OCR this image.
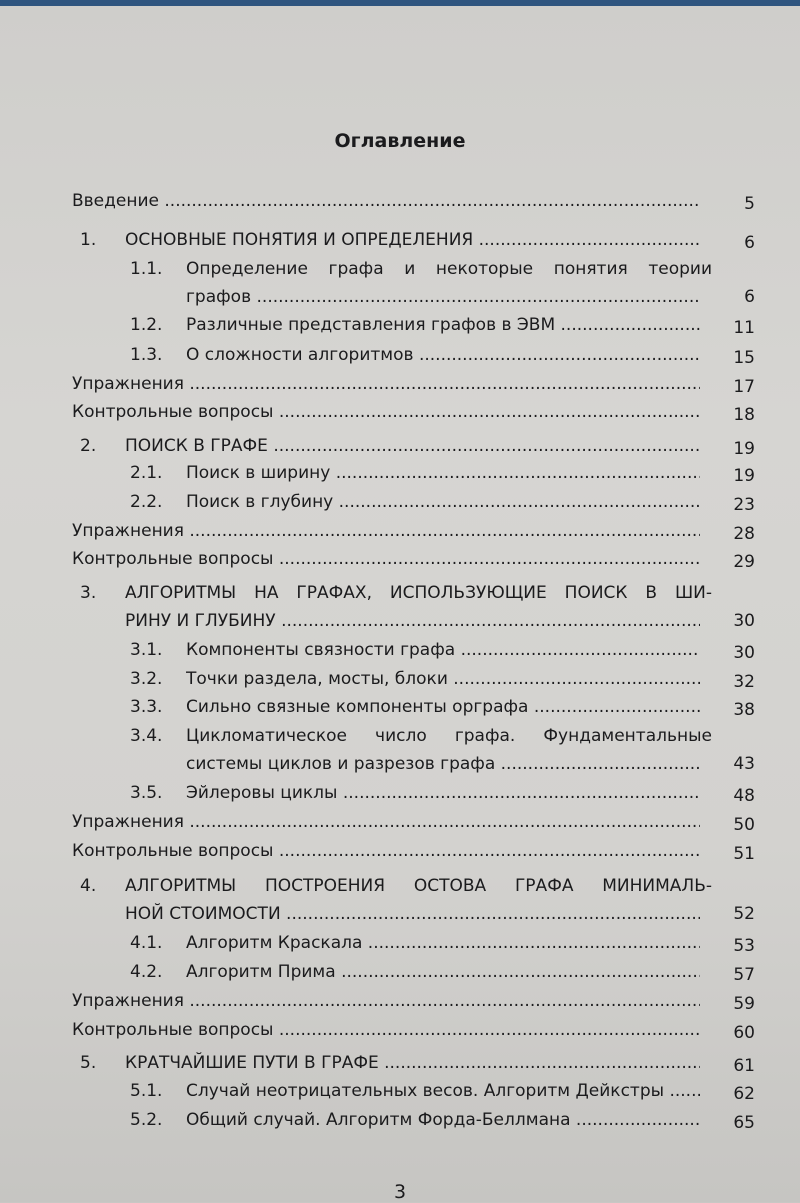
Оглавление
Введение .....	5
1. ОСНОВНЫЕ ПОНЯТИЯ И ОПРЕДЕЛЕНИЯ .....	6
1.1. Определение графа и некоторые понятия теории
графов .....	6
1.2. Различные представления графов в ЭВМ .....	11
1.3. О сложности алгоритмов .....	15
Упражнения .....	17
Контрольные вопросы .....	18
2. ПОИСК В ГРАФЕ .....	19
2.1. Поиск в ширину .....	19
2.2. Поиск в глубину .....	23
Упражнения .....	28
Контрольные вопросы .....	29
3. АЛГОРИТМЫ НА ГРАФАХ, ИСПОЛЬЗУЮЩИЕ ПОИСК В ШИ-
РИНУ И ГЛУБИНУ .....	30
3.1. Компоненты связности графа .....	30
3.2. Точки раздела, мосты, блоки .....	32
3.3. Сильно связные компоненты орграфа .....	38
3.4. Цикломатическое число графа. Фундаментальные
системы циклов и разрезов графа .....	43
3.5. Эйлеровы циклы .....	48
Упражнения .....	50
Контрольные вопросы .....	51
4. АЛГОРИТМЫ ПОСТРОЕНИЯ ОСТОВА ГРАФА МИНИМАЛЬ-
НОЙ СТОИМОСТИ .....	52
4.1. Алгоритм Краскала .....	53
4.2. Алгоритм Прима .....	57
Упражнения .....	59
Контрольные вопросы .....	60
5. КРАТЧАЙШИЕ ПУТИ В ГРАФЕ .....	61
5.1. Случай неотрицательных весов. Алгоритм Дейкстры .....	62
5.2. Общий случай. Алгоритм Форда-Беллмана .....	65
3
